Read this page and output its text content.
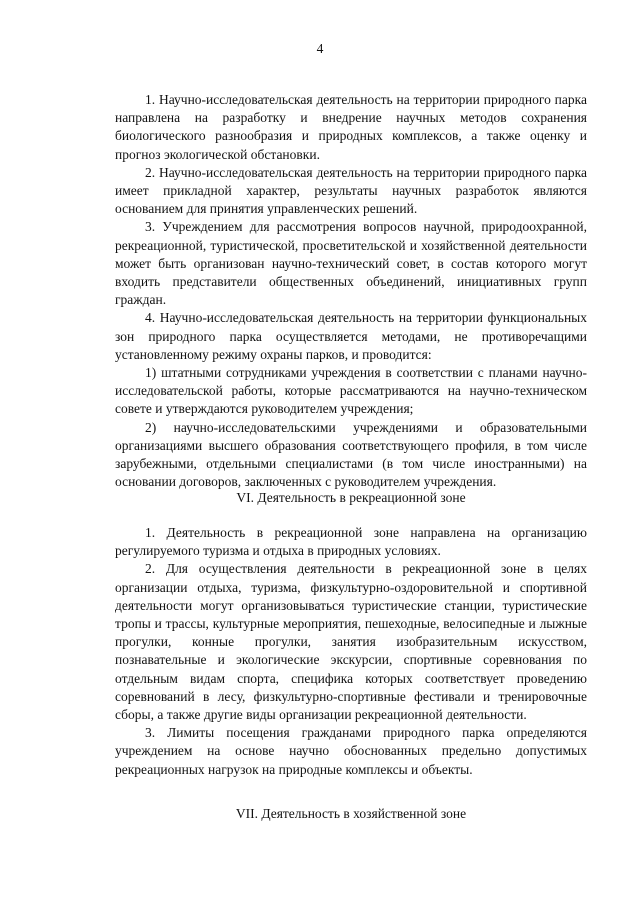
4

1. Научно-исследовательская деятельность на территории природного парка направлена на разработку и внедрение научных методов сохранения биологического разнообразия и природных комплексов, а также оценку и прогноз экологической обстановки.

2. Научно-исследовательская деятельность на территории природного парка имеет прикладной характер, результаты научных разработок являются основанием для принятия управленческих решений.

3. Учреждением для рассмотрения вопросов научной, природоохранной, рекреационной, туристической, просветительской и хозяйственной деятельности может быть организован научно-технический совет, в состав которого могут входить представители общественных объединений, инициативных групп граждан.

4. Научно-исследовательская деятельность на территории функциональных зон природного парка осуществляется методами, не противоречащими установленному режиму охраны парков, и проводится:

1) штатными сотрудниками учреждения в соответствии с планами научно-исследовательской работы, которые рассматриваются на научно-техническом совете и утверждаются руководителем учреждения;

2) научно-исследовательскими учреждениями и образовательными организациями высшего образования соответствующего профиля, в том числе зарубежными, отдельными специалистами (в том числе иностранными) на основании договоров, заключенных с руководителем учреждения.

VI. Деятельность в рекреационной зоне

1. Деятельность в рекреационной зоне направлена на организацию регулируемого туризма и отдыха в природных условиях.

2. Для осуществления деятельности в рекреационной зоне в целях организации отдыха, туризма, физкультурно-оздоровительной и спортивной деятельности могут организовываться туристические станции, туристические тропы и трассы, культурные мероприятия, пешеходные, велосипедные и лыжные прогулки, конные прогулки, занятия изобразительным искусством, познавательные и экологические экскурсии, спортивные соревнования по отдельным видам спорта, специфика которых соответствует проведению соревнований в лесу, физкультурно-спортивные фестивали и тренировочные сборы, а также другие виды организации рекреационной деятельности.

3. Лимиты посещения гражданами природного парка определяются учреждением на основе научно обоснованных предельно допустимых рекреационных нагрузок на природные комплексы и объекты.

VII. Деятельность в хозяйственной зоне
